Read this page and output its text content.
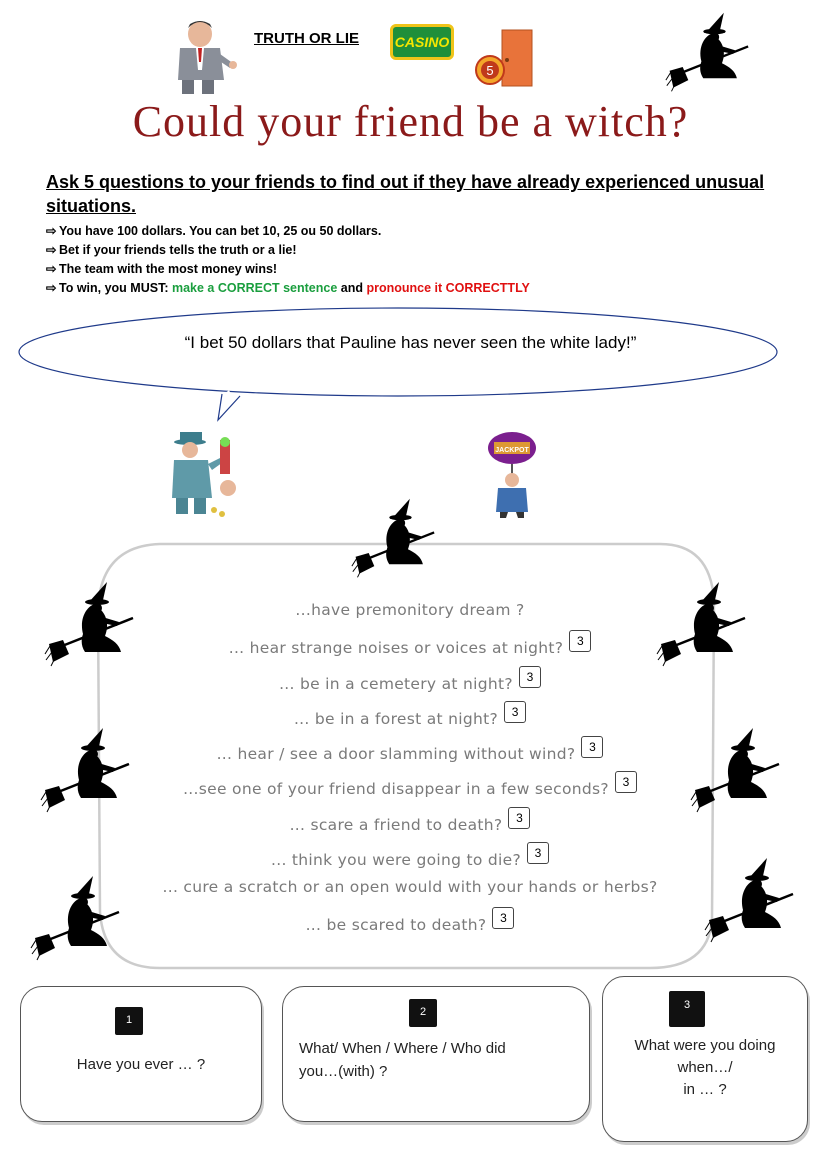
TRUTH OR LIE	CASINO
5
Could your friend be a witch?
Ask 5 questions to your friends to find out if they have already experienced unusual situations.
⇨ You have 100 dollars. You can bet 10, 25 ou 50 dollars.
⇨ Bet if your friends tells the truth or a lie!
⇨ The team with the most money wins!
⇨ To win, you MUST: make a CORRECT sentence and pronounce it CORRECTTLY
“I bet 50 dollars that Pauline has never seen the white lady!”
JACKPOT
...have premonitory dream ?
... hear strange noises or voices at night? 3
... be in a cemetery at night? 3
... be in a forest at night? 3
... hear / see a door slamming without wind? 3
...see one of your friend disappear in a few seconds? 3
... scare a friend to death? 3
... think you were going to die? 3
... cure a scratch or an open would with your hands or herbs?
... be scared to death? 3
1
Have you ever … ?
2
What/ When / Where / Who did
you…(with) ?
3
What were you doing
when…/
in … ?
